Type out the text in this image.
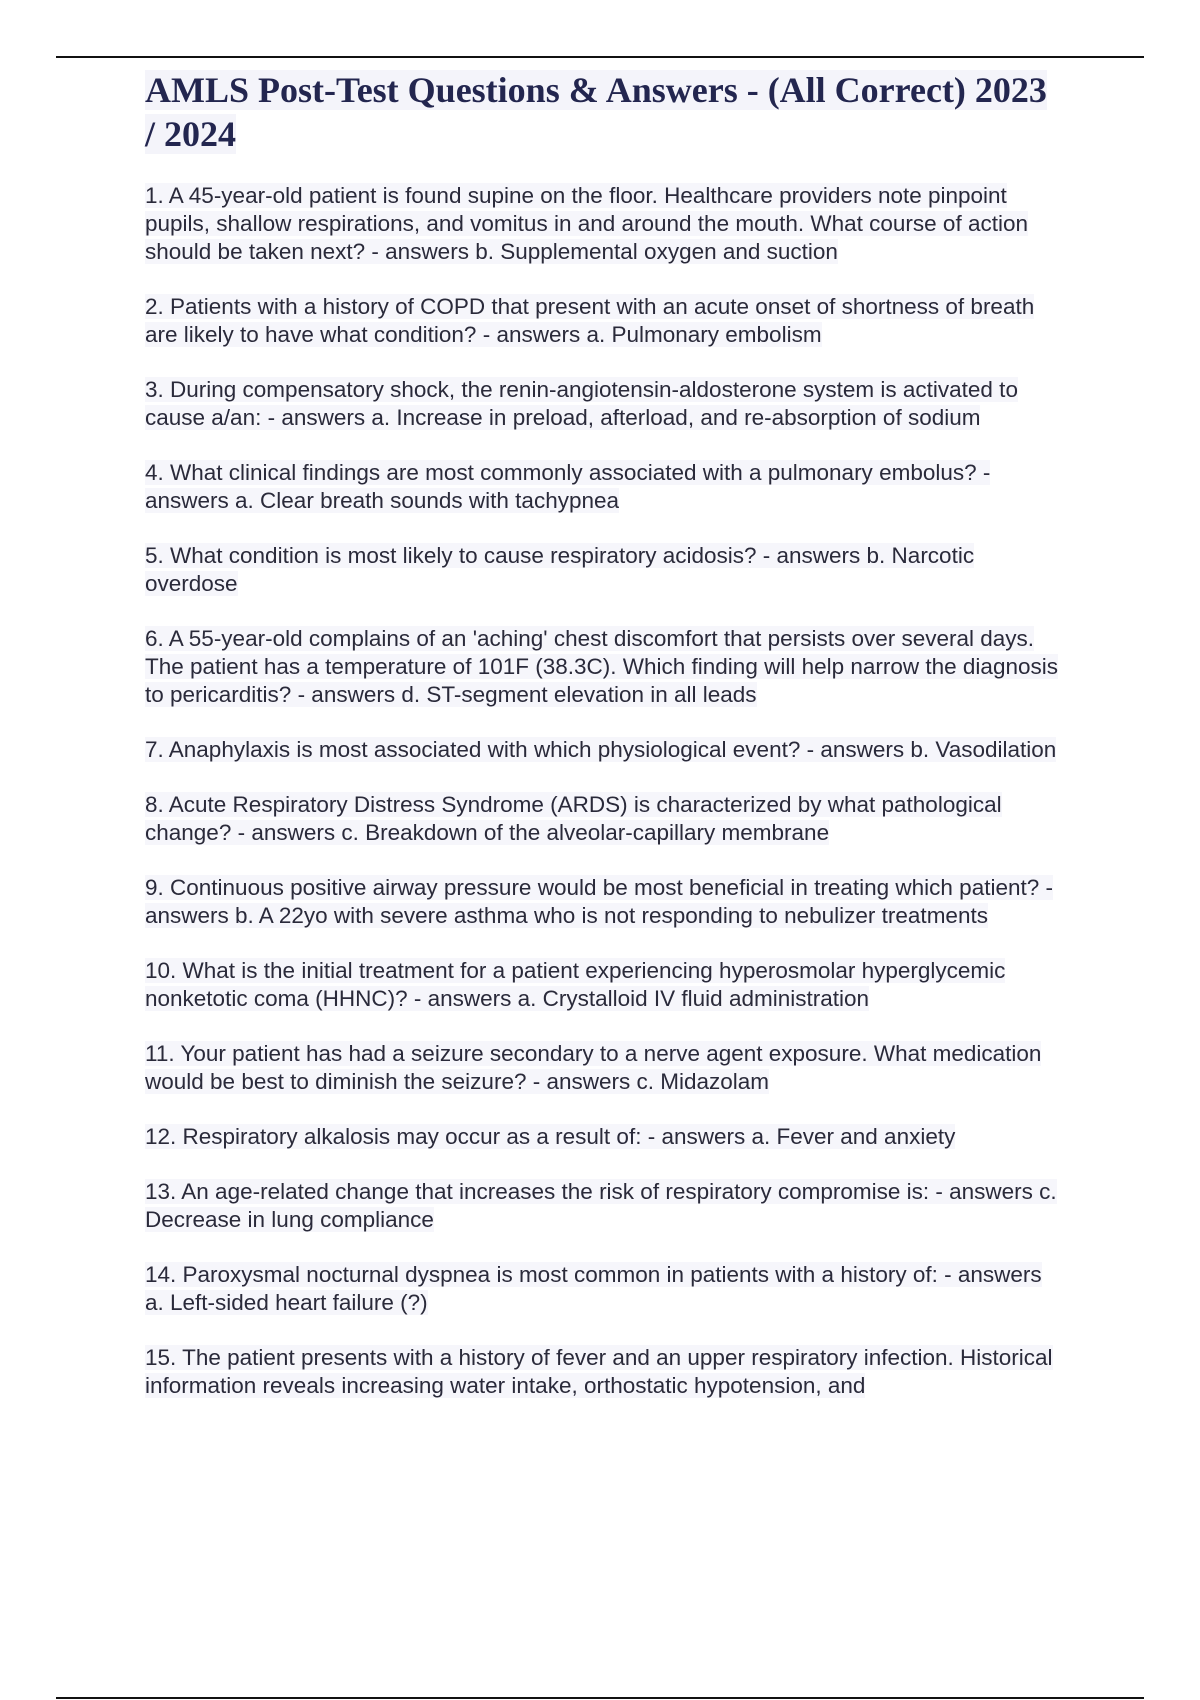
AMLS Post-Test Questions & Answers - (All Correct) 2023 / 2024
1. A 45-year-old patient is found supine on the floor. Healthcare providers note pinpoint pupils, shallow respirations, and vomitus in and around the mouth. What course of action should be taken next? - answers b. Supplemental oxygen and suction
2. Patients with a history of COPD that present with an acute onset of shortness of breath are likely to have what condition? - answers a. Pulmonary embolism
3. During compensatory shock, the renin-angiotensin-aldosterone system is activated to cause a/an: - answers a. Increase in preload, afterload, and re-absorption of sodium
4. What clinical findings are most commonly associated with a pulmonary embolus? - answers a. Clear breath sounds with tachypnea
5. What condition is most likely to cause respiratory acidosis? - answers b. Narcotic overdose
6. A 55-year-old complains of an 'aching' chest discomfort that persists over several days. The patient has a temperature of 101F (38.3C). Which finding will help narrow the diagnosis to pericarditis? - answers d. ST-segment elevation in all leads
7. Anaphylaxis is most associated with which physiological event? - answers b. Vasodilation
8. Acute Respiratory Distress Syndrome (ARDS) is characterized by what pathological change? - answers c. Breakdown of the alveolar-capillary membrane
9. Continuous positive airway pressure would be most beneficial in treating which patient? - answers b. A 22yo with severe asthma who is not responding to nebulizer treatments
10. What is the initial treatment for a patient experiencing hyperosmolar hyperglycemic nonketotic coma (HHNC)? - answers a. Crystalloid IV fluid administration
11. Your patient has had a seizure secondary to a nerve agent exposure. What medication would be best to diminish the seizure? - answers c. Midazolam
12. Respiratory alkalosis may occur as a result of: - answers a. Fever and anxiety
13. An age-related change that increases the risk of respiratory compromise is: - answers c. Decrease in lung compliance
14. Paroxysmal nocturnal dyspnea is most common in patients with a history of: - answers a. Left-sided heart failure (?)
15. The patient presents with a history of fever and an upper respiratory infection. Historical information reveals increasing water intake, orthostatic hypotension, and
